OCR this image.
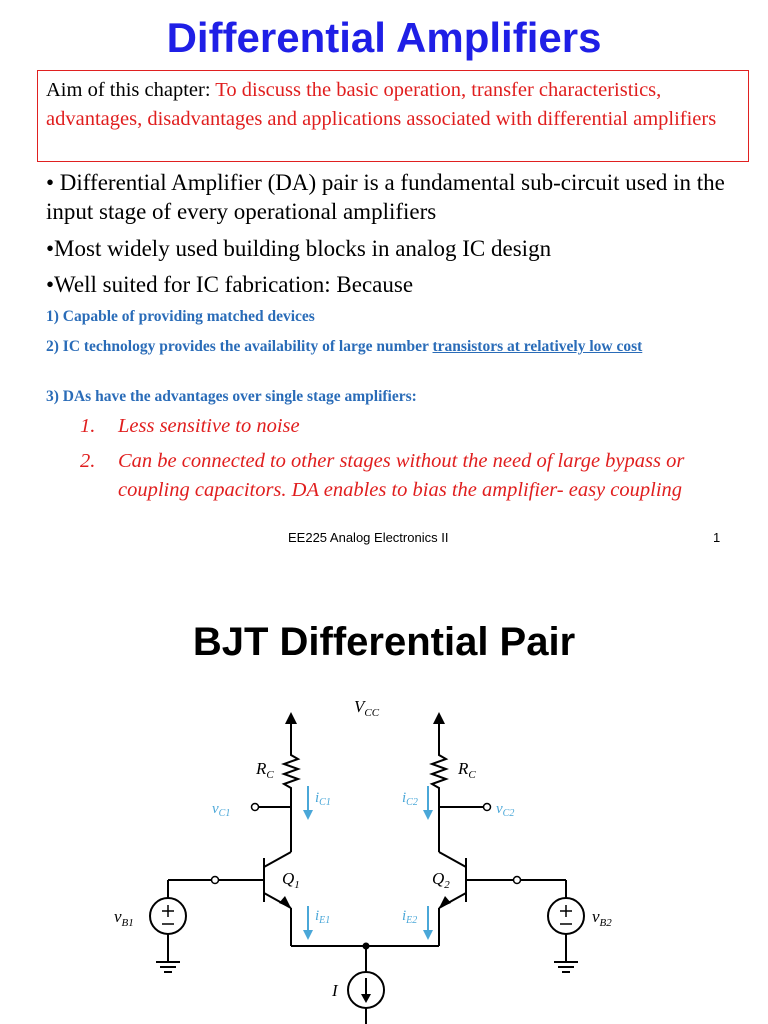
Differential Amplifiers
Aim of this chapter: To discuss the basic operation, transfer characteristics, advantages, disadvantages and applications associated with differential amplifiers
• Differential Amplifier (DA) pair is a fundamental sub-circuit used in the input stage of every operational amplifiers
•Most widely used building blocks in analog IC design
•Well suited for IC fabrication: Because
1) Capable of providing matched devices
2) IC technology provides the availability of large number transistors at relatively low cost
3) DAs have the advantages over single stage amplifiers:
1. Less sensitive to noise
2. Can be connected to other stages without the need of large bypass or coupling capacitors. DA enables to bias the amplifier- easy coupling
EE225 Analog Electronics II	1
BJT Differential Pair
$V_{CC}$
$R_C$	$R_C$
$Q_1$	$Q_2$
$v_{B1}$	$v_{B2}$
I
$v_{C1}$	$v_{C2}$
$i_{C1}$	$i_{C2}$
$i_{E1}$	$i_{E2}$
